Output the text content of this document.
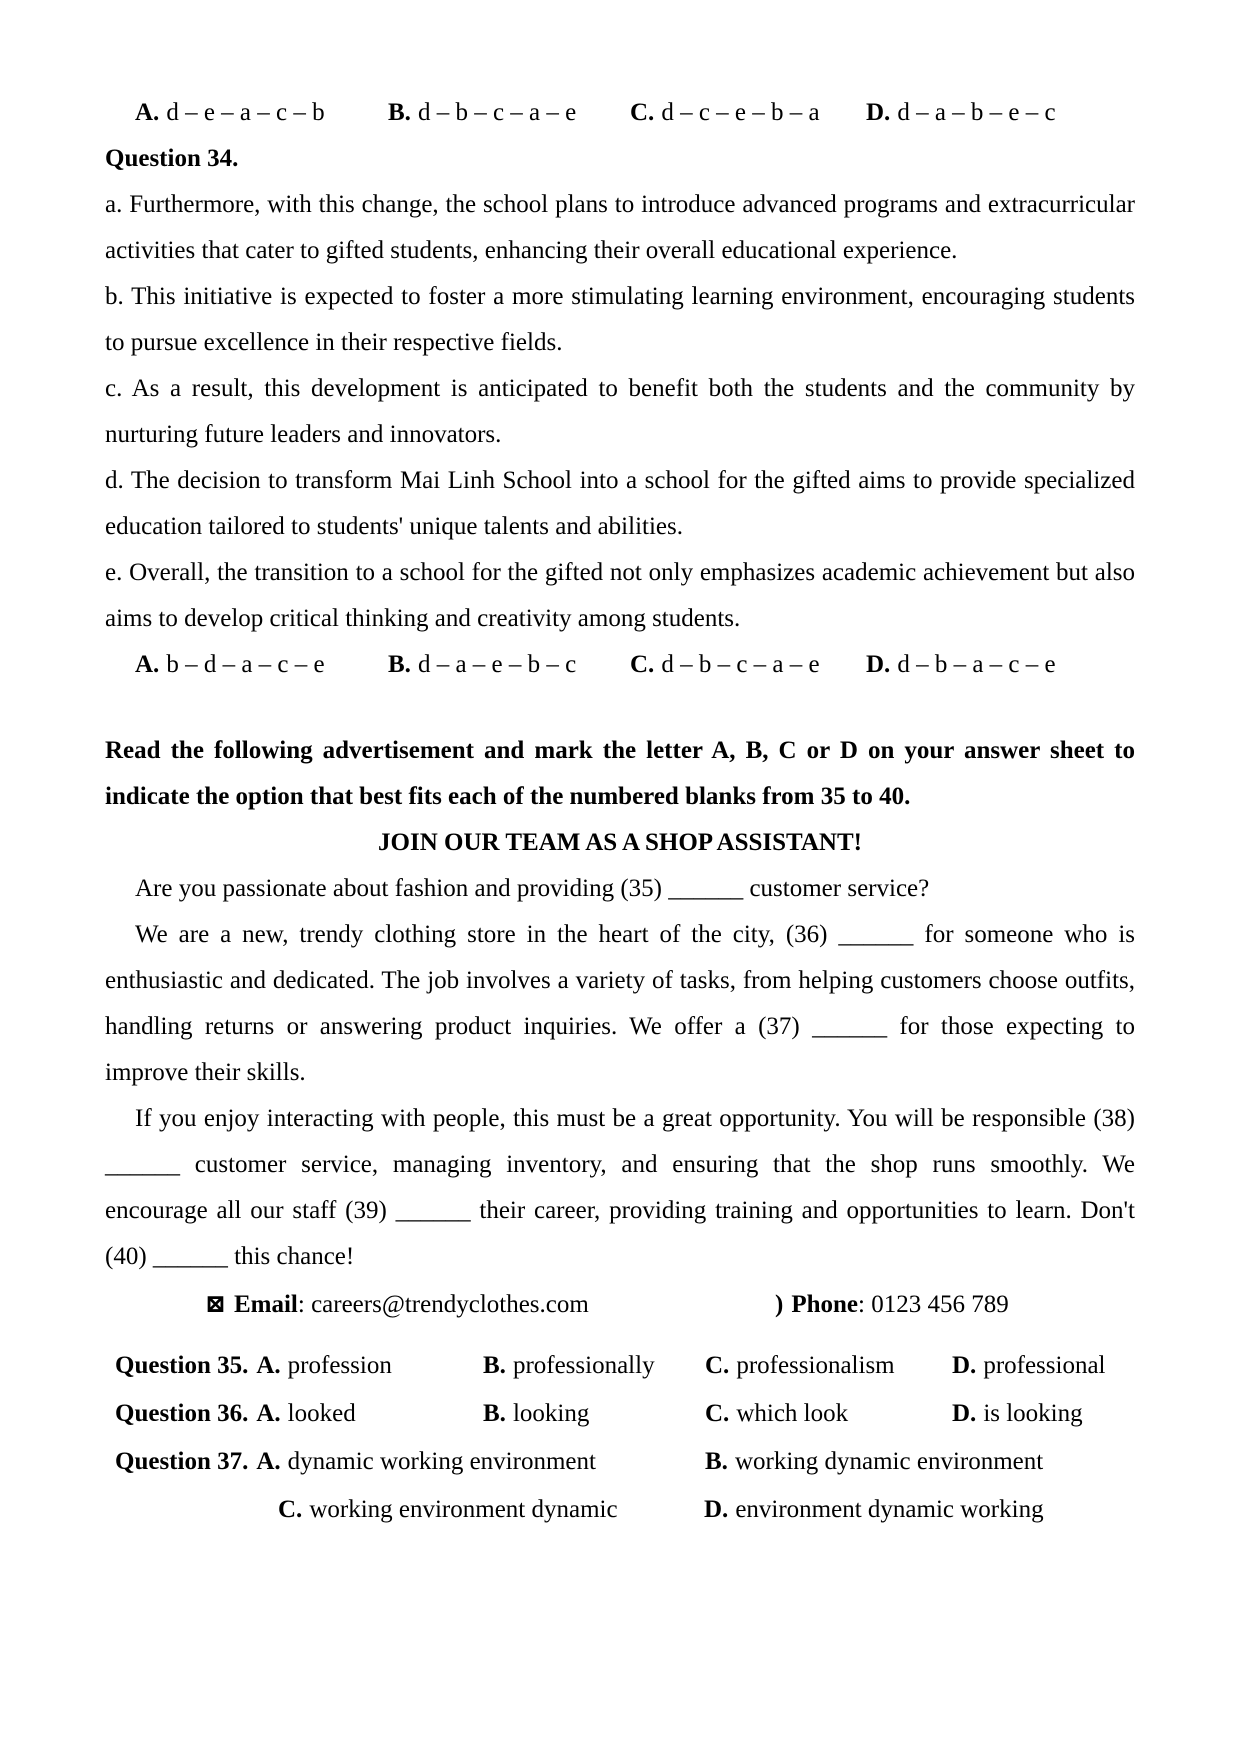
A. d – e – a – c – b	B. d – b – c – a – e	C. d – c – e – b – a	D. d – a – b – e – c

Question 34.

a. Furthermore, with this change, the school plans to introduce advanced programs and extracurricular activities that cater to gifted students, enhancing their overall educational experience.

b. This initiative is expected to foster a more stimulating learning environment, encouraging students to pursue excellence in their respective fields.

c. As a result, this development is anticipated to benefit both the students and the community by nurturing future leaders and innovators.

d. The decision to transform Mai Linh School into a school for the gifted aims to provide specialized education tailored to students' unique talents and abilities.

e. Overall, the transition to a school for the gifted not only emphasizes academic achievement but also aims to develop critical thinking and creativity among students.

A. b – d – a – c – e	B. d – a – e – b – c	C. d – b – c – a – e	D. d – b – a – c – e

Read the following advertisement and mark the letter A, B, C or D on your answer sheet to indicate the option that best fits each of the numbered blanks from 35 to 40.

JOIN OUR TEAM AS A SHOP ASSISTANT!

Are you passionate about fashion and providing (35) ______ customer service?

We are a new, trendy clothing store in the heart of the city, (36) ______ for someone who is enthusiastic and dedicated. The job involves a variety of tasks, from helping customers choose outfits, handling returns or answering product inquiries. We offer a (37) ______ for those expecting to improve their skills.

If you enjoy interacting with people, this must be a great opportunity. You will be responsible (38) ______ customer service, managing inventory, and ensuring that the shop runs smoothly. We encourage all our staff (39) ______ their career, providing training and opportunities to learn. Don't (40) ______ this chance!

⊠ Email: careers@trendyclothes.com	) Phone: 0123 456 789
Question 35. A. profession	B. professionally	C. professionalism	D. professional
Question 36. A. looked	B. looking	C. which look	D. is looking
Question 37. A. dynamic working environment	B. working dynamic environment
C. working environment dynamic	D. environment dynamic working
